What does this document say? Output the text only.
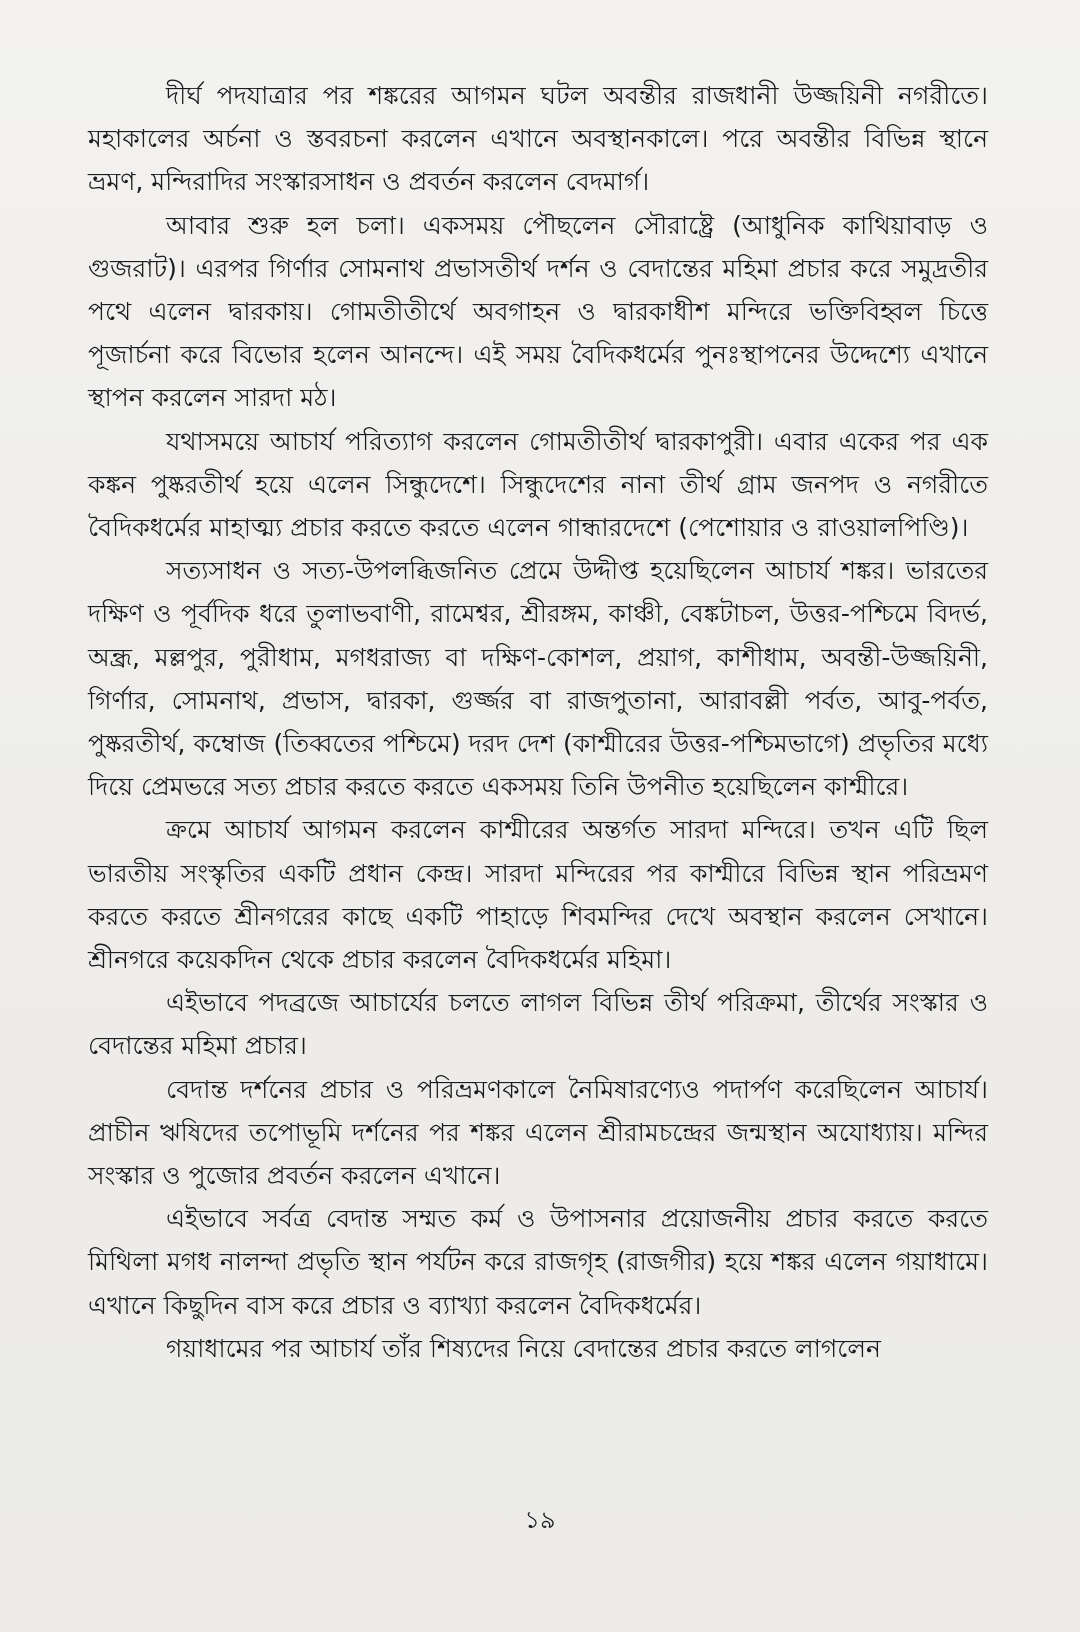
দীর্ঘ পদযাত্রার পর শঙ্করের আগমন ঘটল অবন্তীর রাজধানী উজ্জয়িনী নগরীতে। মহাকালের অর্চনা ও স্তবরচনা করলেন এখানে অবস্থানকালে। পরে অবন্তীর বিভিন্ন স্থানে ভ্রমণ, মন্দিরাদির সংস্কারসাধন ও প্রবর্তন করলেন বেদমার্গ।

আবার শুরু হল চলা। একসময় পৌছলেন সৌরাষ্ট্রে (আধুনিক কাথিয়াবাড় ও গুজরাট)। এরপর গির্ণার সোমনাথ প্রভাসতীর্থ দর্শন ও বেদান্তের মহিমা প্রচার করে সমুদ্রতীর পথে এলেন দ্বারকায়। গোমতীতীর্থে অবগাহন ও দ্বারকাধীশ মন্দিরে ভক্তিবিহ্বল চিত্তে পূজার্চনা করে বিভোর হলেন আনন্দে। এই সময় বৈদিকধর্মের পুনঃস্থাপনের উদ্দেশ্যে এখানে স্থাপন করলেন সারদা মঠ।

যথাসময়ে আচার্য পরিত্যাগ করলেন গোমতীতীর্থ দ্বারকাপুরী। এবার একের পর এক কঙ্কন পুষ্করতীর্থ হয়ে এলেন সিন্ধুদেশে। সিন্ধুদেশের নানা তীর্থ গ্রাম জনপদ ও নগরীতে বৈদিকধর্মের মাহাত্ম্য প্রচার করতে করতে এলেন গান্ধারদেশে (পেশোয়ার ও রাওয়ালপিণ্ডি)।

সত্যসাধন ও সত্য-উপলব্ধিজনিত প্রেমে উদ্দীপ্ত হয়েছিলেন আচার্য শঙ্কর। ভারতের দক্ষিণ ও পূর্বদিক ধরে তুলাভবাণী, রামেশ্বর, শ্রীরঙ্গম, কাঞ্চী, বেঙ্কটাচল, উত্তর-পশ্চিমে বিদর্ভ, অন্ধ্র, মল্লপুর, পুরীধাম, মগধরাজ্য বা দক্ষিণ-কোশল, প্রয়াগ, কাশীধাম, অবন্তী-উজ্জয়িনী, গির্ণার, সোমনাথ, প্রভাস, দ্বারকা, গুর্জ্জর বা রাজপুতানা, আরাবল্লী পর্বত, আবু-পর্বত, পুষ্করতীর্থ, কম্বোজ (তিব্বতের পশ্চিমে) দরদ দেশ (কাশ্মীরের উত্তর-পশ্চিমভাগে) প্রভৃতির মধ্যে দিয়ে প্রেমভরে সত্য প্রচার করতে করতে একসময় তিনি উপনীত হয়েছিলেন কাশ্মীরে।

ক্রমে আচার্য আগমন করলেন কাশ্মীরের অন্তর্গত সারদা মন্দিরে। তখন এটি ছিল ভারতীয় সংস্কৃতির একটি প্রধান কেন্দ্র। সারদা মন্দিরের পর কাশ্মীরে বিভিন্ন স্থান পরিভ্রমণ করতে করতে শ্রীনগরের কাছে একটি পাহাড়ে শিবমন্দির দেখে অবস্থান করলেন সেখানে। শ্রীনগরে কয়েকদিন থেকে প্রচার করলেন বৈদিকধর্মের মহিমা।

এইভাবে পদব্রজে আচার্যের চলতে লাগল বিভিন্ন তীর্থ পরিক্রমা, তীর্থের সংস্কার ও বেদান্তের মহিমা প্রচার।

বেদান্ত দর্শনের প্রচার ও পরিভ্রমণকালে নৈমিষারণ্যেও পদার্পণ করেছিলেন আচার্য। প্রাচীন ঋষিদের তপোভূমি দর্শনের পর শঙ্কর এলেন শ্রীরামচন্দ্রের জন্মস্থান অযোধ্যায়। মন্দির সংস্কার ও পুজোর প্রবর্তন করলেন এখানে।

এইভাবে সর্বত্র বেদান্ত সম্মত কর্ম ও উপাসনার প্রয়োজনীয় প্রচার করতে করতে মিথিলা মগধ নালন্দা প্রভৃতি স্থান পর্যটন করে রাজগৃহ (রাজগীর) হয়ে শঙ্কর এলেন গয়াধামে। এখানে কিছুদিন বাস করে প্রচার ও ব্যাখ্যা করলেন বৈদিকধর্মের।

গয়াধামের পর আচার্য তাঁর শিষ্যদের নিয়ে বেদান্তের প্রচার করতে লাগলেন

১৯
